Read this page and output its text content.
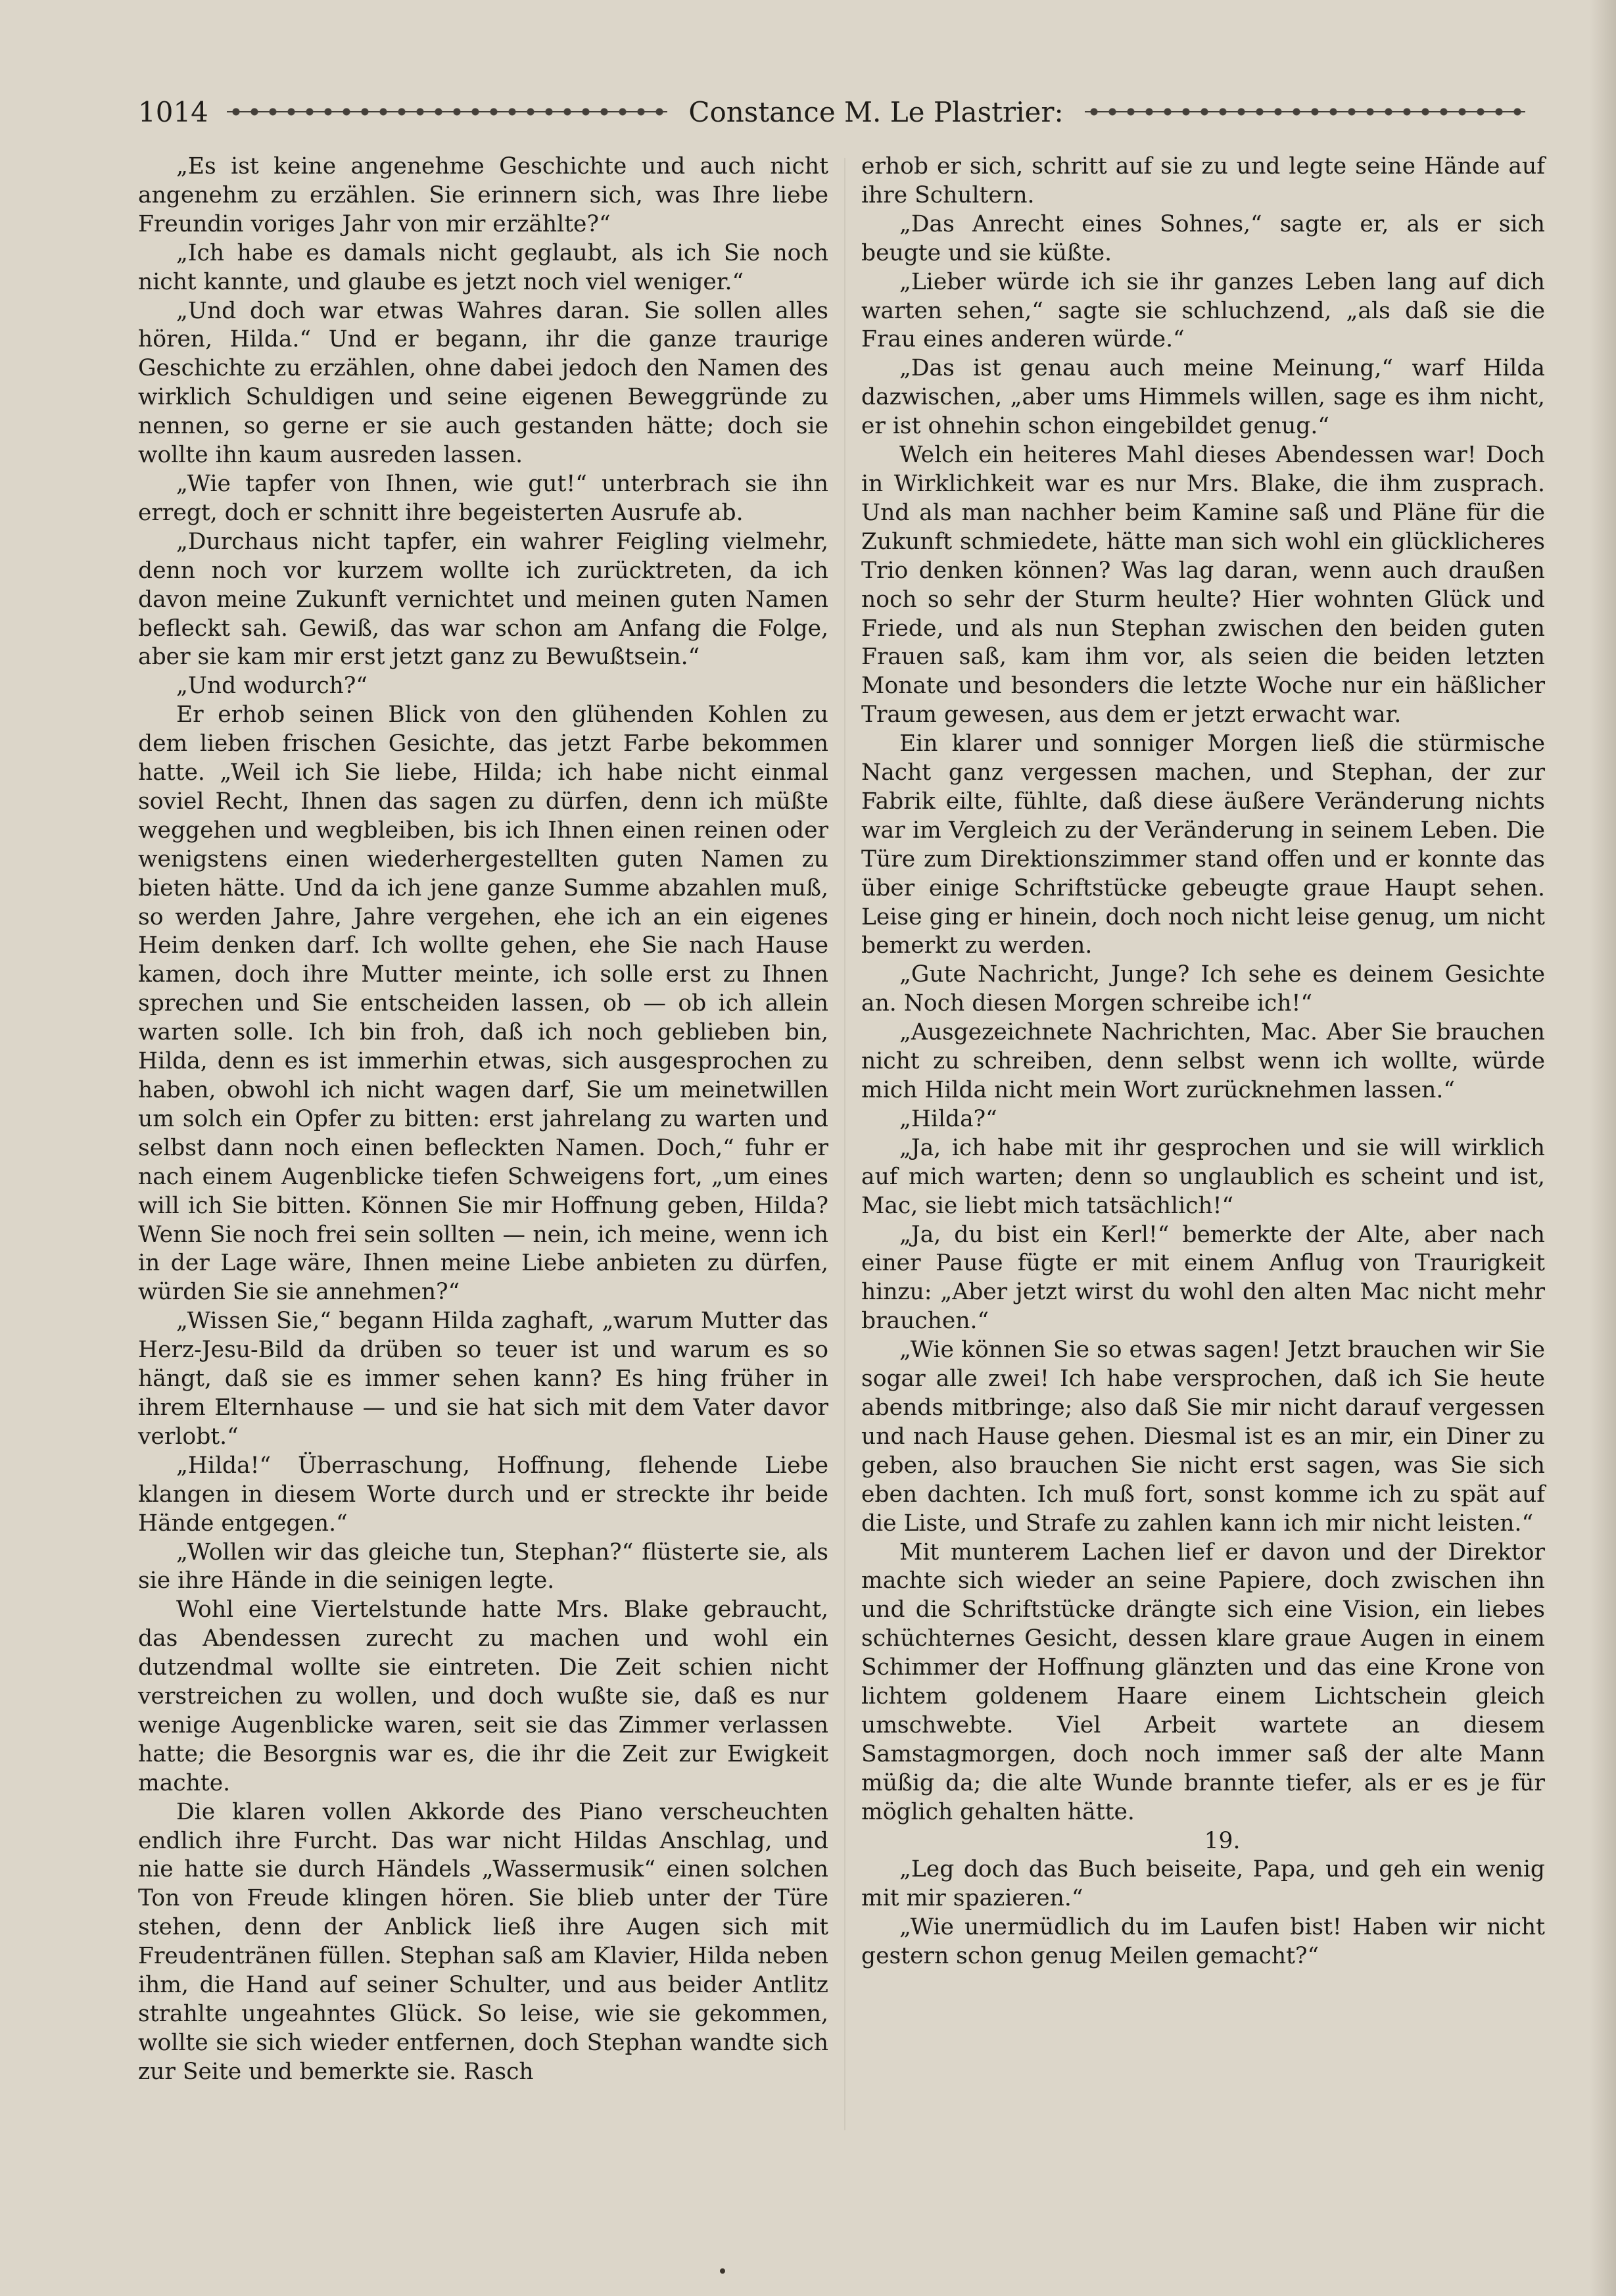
1014	Constance M. Le Plastrier:

„Es ist keine angenehme Geschichte und auch nicht angenehm zu erzählen. Sie erinnern sich, was Ihre liebe Freundin voriges Jahr von mir erzählte?“

„Ich habe es damals nicht geglaubt, als ich Sie noch nicht kannte, und glaube es jetzt noch viel weniger.“

„Und doch war etwas Wahres daran. Sie sollen alles hören, Hilda.“ Und er begann, ihr die ganze traurige Geschichte zu erzählen, ohne dabei jedoch den Namen des wirklich Schuldigen und seine eigenen Beweggründe zu nennen, so gerne er sie auch gestanden hätte; doch sie wollte ihn kaum ausreden lassen.

„Wie tapfer von Ihnen, wie gut!“ unterbrach sie ihn erregt, doch er schnitt ihre begeisterten Ausrufe ab.

„Durchaus nicht tapfer, ein wahrer Feigling vielmehr, denn noch vor kurzem wollte ich zurücktreten, da ich davon meine Zukunft vernichtet und meinen guten Namen befleckt sah. Gewiß, das war schon am Anfang die Folge, aber sie kam mir erst jetzt ganz zu Bewußtsein.“

„Und wodurch?“

Er erhob seinen Blick von den glühenden Kohlen zu dem lieben frischen Gesichte, das jetzt Farbe bekommen hatte. „Weil ich Sie liebe, Hilda; ich habe nicht einmal soviel Recht, Ihnen das sagen zu dürfen, denn ich müßte weggehen und wegbleiben, bis ich Ihnen einen reinen oder wenigstens einen wiederhergestellten guten Namen zu bieten hätte. Und da ich jene ganze Summe abzahlen muß, so werden Jahre, Jahre vergehen, ehe ich an ein eigenes Heim denken darf. Ich wollte gehen, ehe Sie nach Hause kamen, doch ihre Mutter meinte, ich solle erst zu Ihnen sprechen und Sie entscheiden lassen, ob — ob ich allein warten solle. Ich bin froh, daß ich noch geblieben bin, Hilda, denn es ist immerhin etwas, sich ausgesprochen zu haben, obwohl ich nicht wagen darf, Sie um meinetwillen um solch ein Opfer zu bitten: erst jahrelang zu warten und selbst dann noch einen befleckten Namen. Doch,“ fuhr er nach einem Augenblicke tiefen Schweigens fort, „um eines will ich Sie bitten. Können Sie mir Hoffnung geben, Hilda? Wenn Sie noch frei sein sollten — nein, ich meine, wenn ich in der Lage wäre, Ihnen meine Liebe anbieten zu dürfen, würden Sie sie annehmen?“

„Wissen Sie,“ begann Hilda zaghaft, „warum Mutter das Herz-Jesu-Bild da drüben so teuer ist und warum es so hängt, daß sie es immer sehen kann? Es hing früher in ihrem Elternhause — und sie hat sich mit dem Vater davor verlobt.“

„Hilda!“ Überraschung, Hoffnung, flehende Liebe klangen in diesem Worte durch und er streckte ihr beide Hände entgegen.“

„Wollen wir das gleiche tun, Stephan?“ flüsterte sie, als sie ihre Hände in die seinigen legte.

Wohl eine Viertelstunde hatte Mrs. Blake gebraucht, das Abendessen zurecht zu machen und wohl ein dutzendmal wollte sie eintreten. Die Zeit schien nicht verstreichen zu wollen, und doch wußte sie, daß es nur wenige Augenblicke waren, seit sie das Zimmer verlassen hatte; die Besorgnis war es, die ihr die Zeit zur Ewigkeit machte.

Die klaren vollen Akkorde des Piano verscheuchten endlich ihre Furcht. Das war nicht Hildas Anschlag, und nie hatte sie durch Händels „Wassermusik“ einen solchen Ton von Freude klingen hören. Sie blieb unter der Türe stehen, denn der Anblick ließ ihre Augen sich mit Freudentränen füllen. Stephan saß am Klavier, Hilda neben ihm, die Hand auf seiner Schulter, und aus beider Antlitz strahlte ungeahntes Glück. So leise, wie sie gekommen, wollte sie sich wieder entfernen, doch Stephan wandte sich zur Seite und bemerkte sie. Rasch

erhob er sich, schritt auf sie zu und legte seine Hände auf ihre Schultern.

„Das Anrecht eines Sohnes,“ sagte er, als er sich beugte und sie küßte.

„Lieber würde ich sie ihr ganzes Leben lang auf dich warten sehen,“ sagte sie schluchzend, „als daß sie die Frau eines anderen würde.“

„Das ist genau auch meine Meinung,“ warf Hilda dazwischen, „aber ums Himmels willen, sage es ihm nicht, er ist ohnehin schon eingebildet genug.“

Welch ein heiteres Mahl dieses Abendessen war! Doch in Wirklichkeit war es nur Mrs. Blake, die ihm zusprach. Und als man nachher beim Kamine saß und Pläne für die Zukunft schmiedete, hätte man sich wohl ein glücklicheres Trio denken können? Was lag daran, wenn auch draußen noch so sehr der Sturm heulte? Hier wohnten Glück und Friede, und als nun Stephan zwischen den beiden guten Frauen saß, kam ihm vor, als seien die beiden letzten Monate und besonders die letzte Woche nur ein häßlicher Traum gewesen, aus dem er jetzt erwacht war.

Ein klarer und sonniger Morgen ließ die stürmische Nacht ganz vergessen machen, und Stephan, der zur Fabrik eilte, fühlte, daß diese äußere Veränderung nichts war im Vergleich zu der Veränderung in seinem Leben. Die Türe zum Direktionszimmer stand offen und er konnte das über einige Schriftstücke gebeugte graue Haupt sehen. Leise ging er hinein, doch noch nicht leise genug, um nicht bemerkt zu werden.

„Gute Nachricht, Junge? Ich sehe es deinem Gesichte an. Noch diesen Morgen schreibe ich!“

„Ausgezeichnete Nachrichten, Mac. Aber Sie brauchen nicht zu schreiben, denn selbst wenn ich wollte, würde mich Hilda nicht mein Wort zurücknehmen lassen.“

„Hilda?“

„Ja, ich habe mit ihr gesprochen und sie will wirklich auf mich warten; denn so unglaublich es scheint und ist, Mac, sie liebt mich tatsächlich!“

„Ja, du bist ein Kerl!“ bemerkte der Alte, aber nach einer Pause fügte er mit einem Anflug von Traurigkeit hinzu: „Aber jetzt wirst du wohl den alten Mac nicht mehr brauchen.“

„Wie können Sie so etwas sagen! Jetzt brauchen wir Sie sogar alle zwei! Ich habe versprochen, daß ich Sie heute abends mitbringe; also daß Sie mir nicht darauf vergessen und nach Hause gehen. Diesmal ist es an mir, ein Diner zu geben, also brauchen Sie nicht erst sagen, was Sie sich eben dachten. Ich muß fort, sonst komme ich zu spät auf die Liste, und Strafe zu zahlen kann ich mir nicht leisten.“

Mit munterem Lachen lief er davon und der Direktor machte sich wieder an seine Papiere, doch zwischen ihn und die Schriftstücke drängte sich eine Vision, ein liebes schüchternes Gesicht, dessen klare graue Augen in einem Schimmer der Hoffnung glänzten und das eine Krone von lichtem goldenem Haare einem Lichtschein gleich umschwebte. Viel Arbeit wartete an diesem Samstagmorgen, doch noch immer saß der alte Mann müßig da; die alte Wunde brannte tiefer, als er es je für möglich gehalten hätte.

19.

„Leg doch das Buch beiseite, Papa, und geh ein wenig mit mir spazieren.“

„Wie unermüdlich du im Laufen bist! Haben wir nicht gestern schon genug Meilen gemacht?“
